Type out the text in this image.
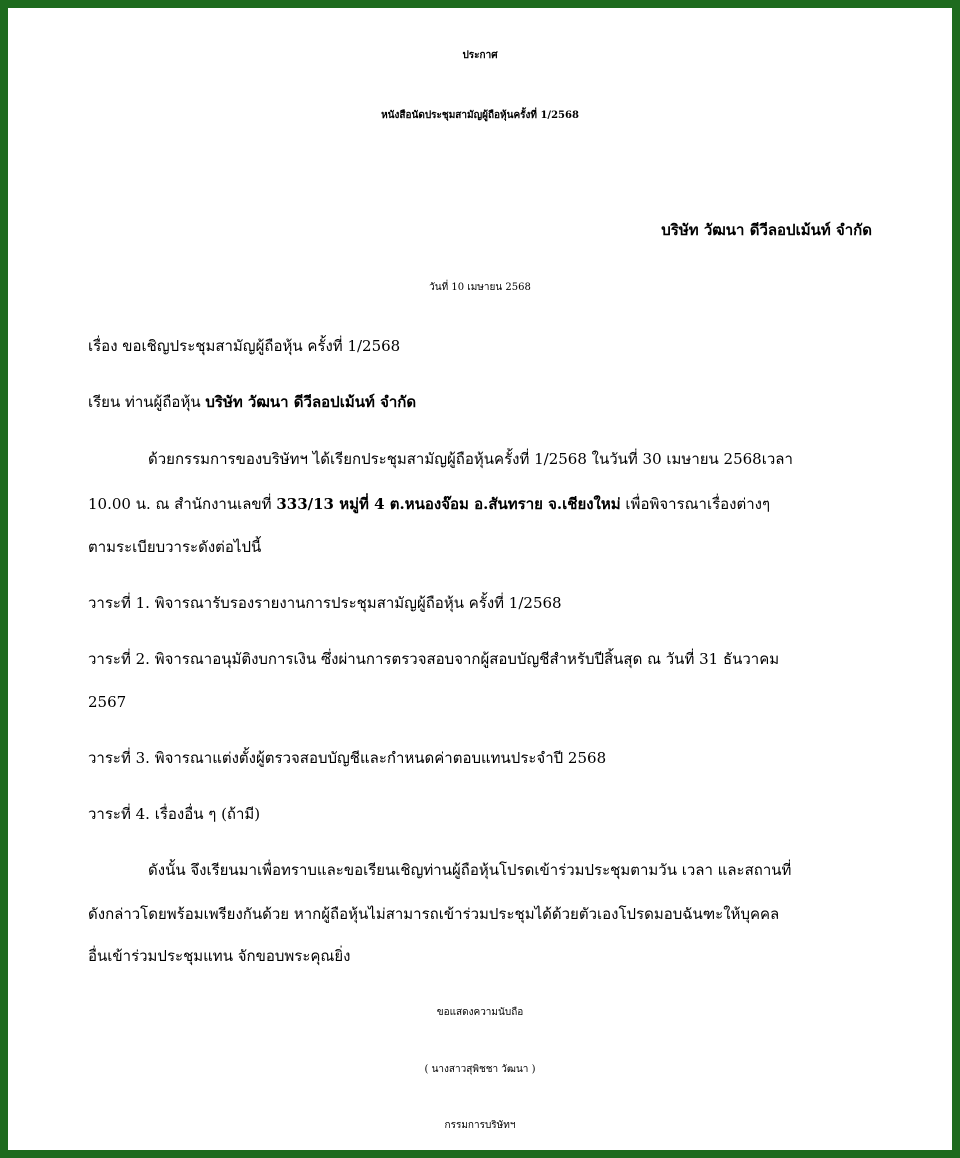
ประกาศ
หนังสือนัดประชุมสามัญผู้ถือหุ้นครั้งที่ 1/2568
บริษัท วัฒนา ดีวีลอปเม้นท์ จำกัด
วันที่ 10 เมษายน 2568
เรื่อง ขอเชิญประชุมสามัญผู้ถือหุ้น ครั้งที่ 1/2568
เรียน ท่านผู้ถือหุ้น บริษัท วัฒนา ดีวีลอปเม้นท์ จำกัด
ด้วยกรรมการของบริษัทฯ ได้เรียกประชุมสามัญผู้ถือหุ้นครั้งที่ 1/2568 ในวันที่ 30 เมษายน 2568เวลา
10.00 น. ณ สำนักงานเลขที่ 333/13 หมู่ที่ 4 ต.หนองจ๊อม อ.สันทราย จ.เชียงใหม่ เพื่อพิจารณาเรื่องต่างๆ
ตามระเบียบวาระดังต่อไปนี้
วาระที่ 1. พิจารณารับรองรายงานการประชุมสามัญผู้ถือหุ้น ครั้งที่ 1/2568
วาระที่ 2. พิจารณาอนุมัติงบการเงิน ซึ่งผ่านการตรวจสอบจากผู้สอบบัญชีสำหรับปีสิ้นสุด ณ วันที่ 31 ธันวาคม
2567
วาระที่ 3. พิจารณาแต่งตั้งผู้ตรวจสอบบัญชีและกำหนดค่าตอบแทนประจำปี 2568
วาระที่ 4. เรื่องอื่น ๆ (ถ้ามี)
ดังนั้น จึงเรียนมาเพื่อทราบและขอเรียนเชิญท่านผู้ถือหุ้นโปรดเข้าร่วมประชุมตามวัน เวลา และสถานที่
ดังกล่าวโดยพร้อมเพรียงกันด้วย หากผู้ถือหุ้นไม่สามารถเข้าร่วมประชุมได้ด้วยตัวเองโปรดมอบฉันฑะให้บุคคล
อื่นเข้าร่วมประชุมแทน จักขอบพระคุณยิ่ง
ขอแสดงความนับถือ
( นางสาวสุพิชชา วัฒนา )
กรรมการบริษัทฯ
